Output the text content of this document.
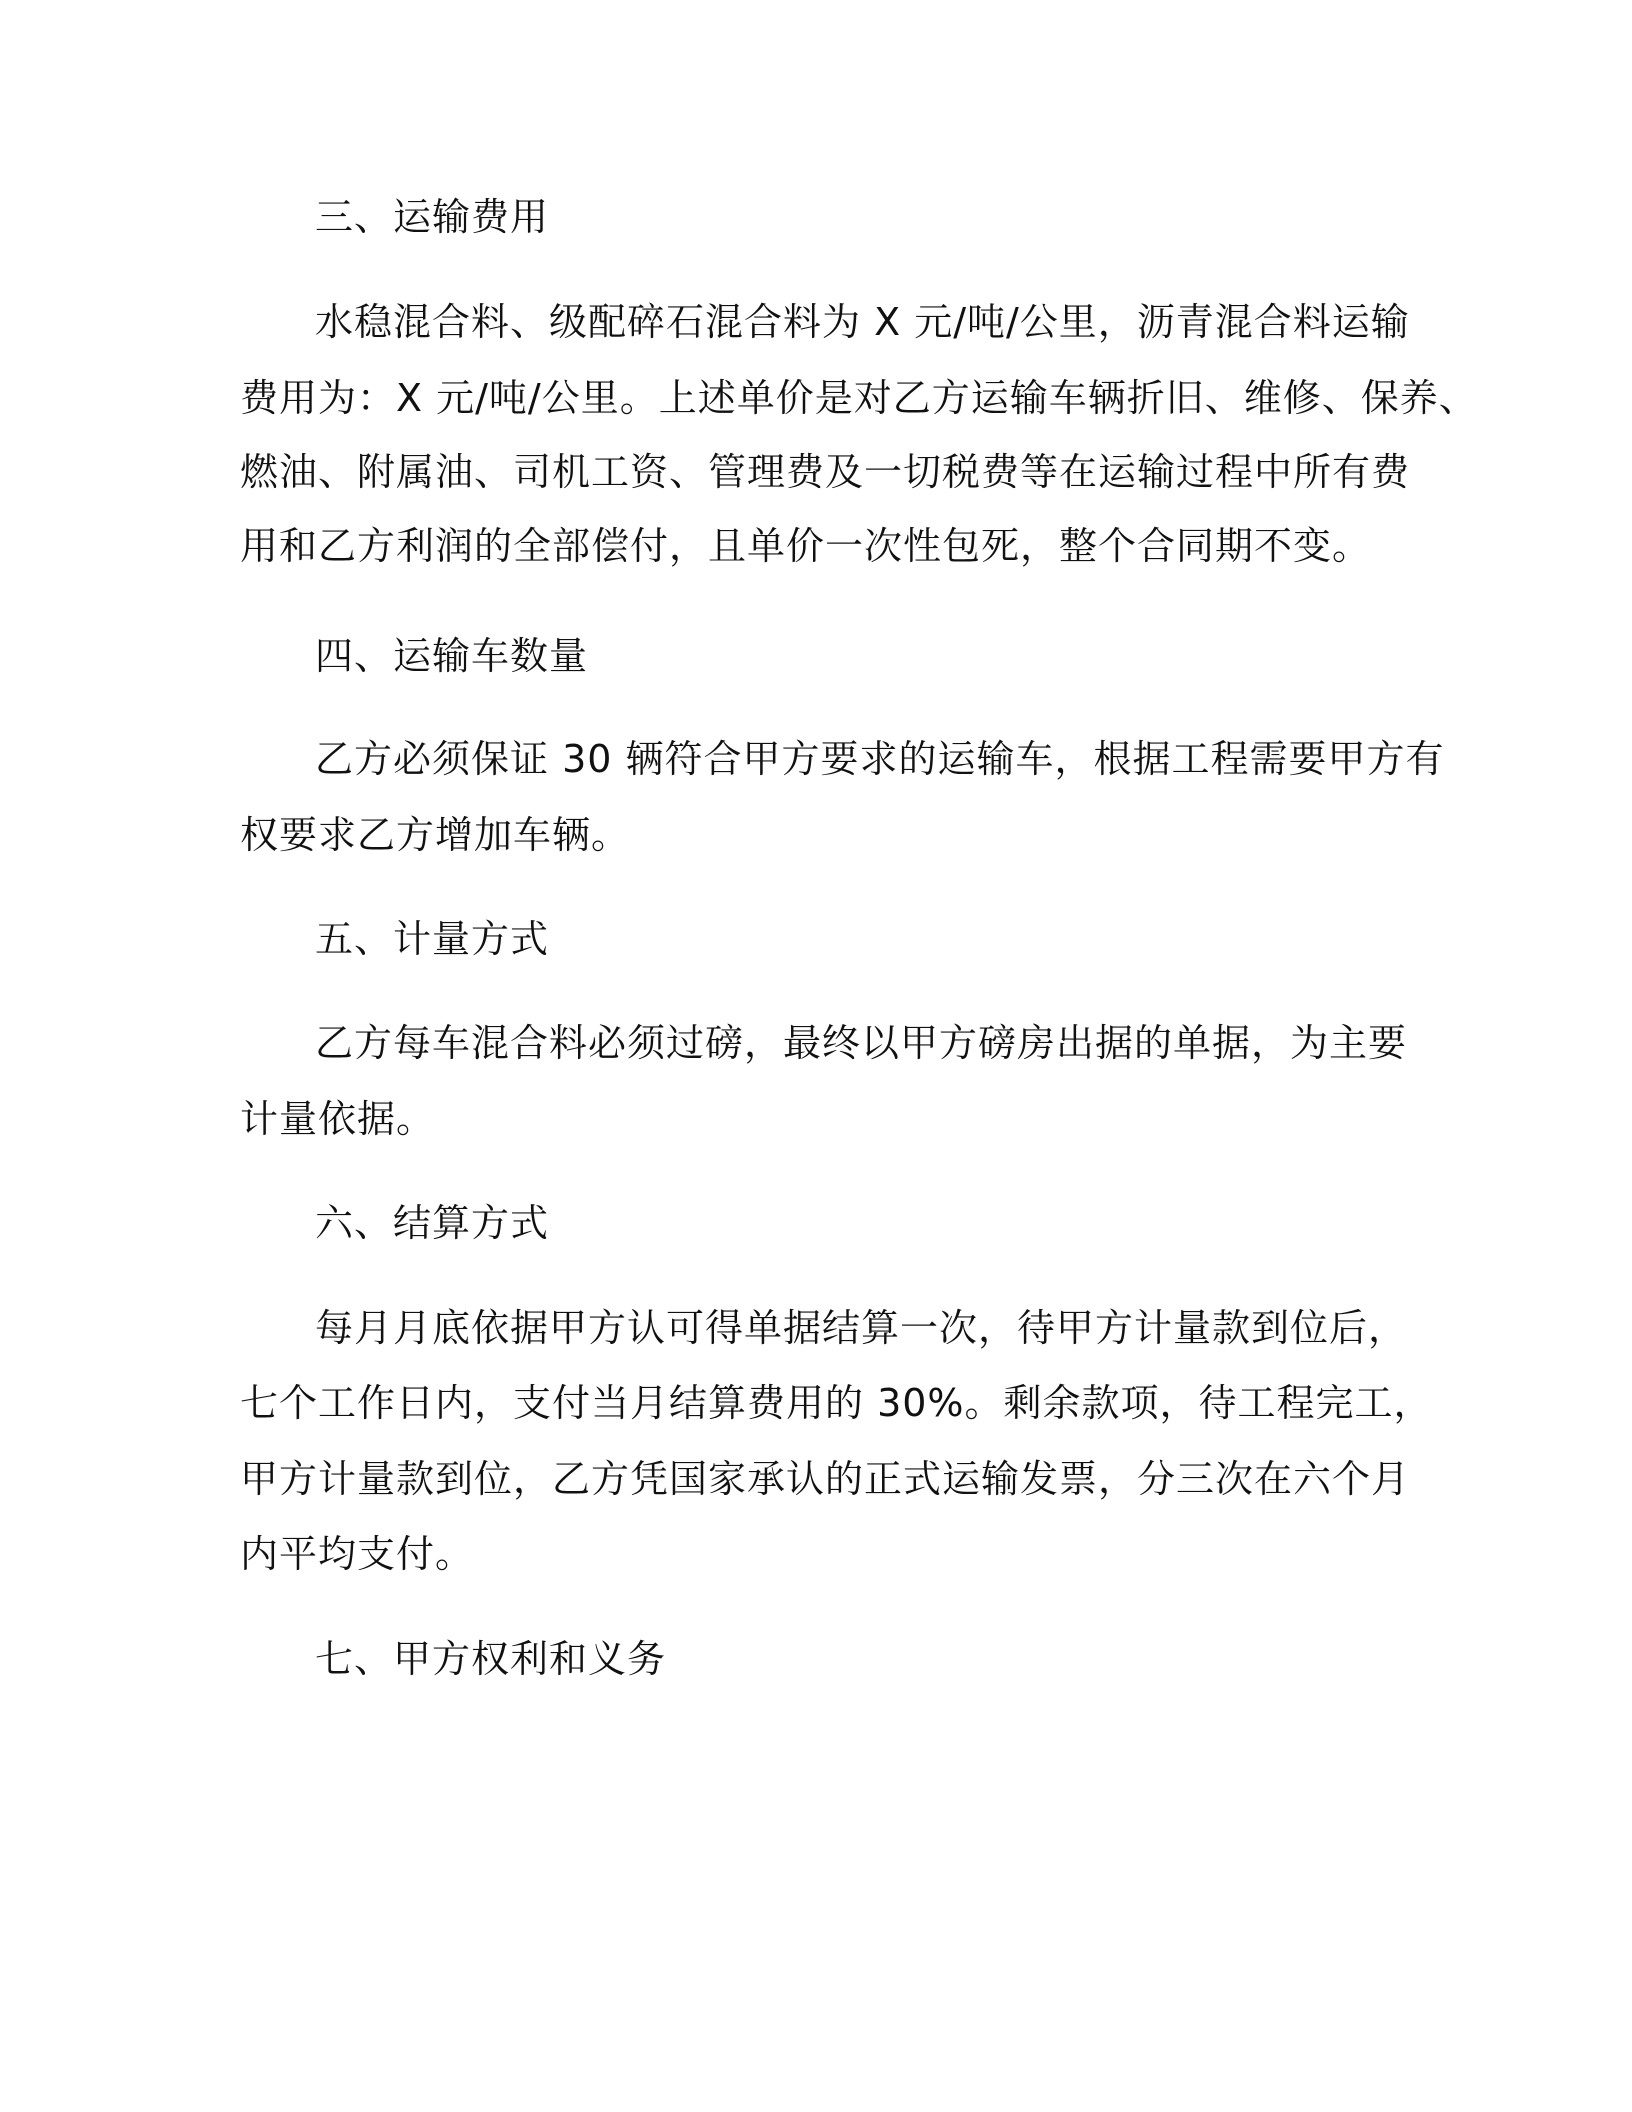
三、运输费用
水稳混合料、级配碎石混合料为 X 元/吨/公里，沥青混合料运输
费用为：X 元/吨/公里。上述单价是对乙方运输车辆折旧、维修、保养、
燃油、附属油、司机工资、管理费及一切税费等在运输过程中所有费
用和乙方利润的全部偿付，且单价一次性包死，整个合同期不变。
四、运输车数量
乙方必须保证 30 辆符合甲方要求的运输车，根据工程需要甲方有
权要求乙方增加车辆。
五、计量方式
乙方每车混合料必须过磅，最终以甲方磅房出据的单据，为主要
计量依据。
六、结算方式
每月月底依据甲方认可得单据结算一次，待甲方计量款到位后，
七个工作日内，支付当月结算费用的 30%。剩余款项，待工程完工，
甲方计量款到位，乙方凭国家承认的正式运输发票，分三次在六个月
内平均支付。
七、甲方权利和义务
